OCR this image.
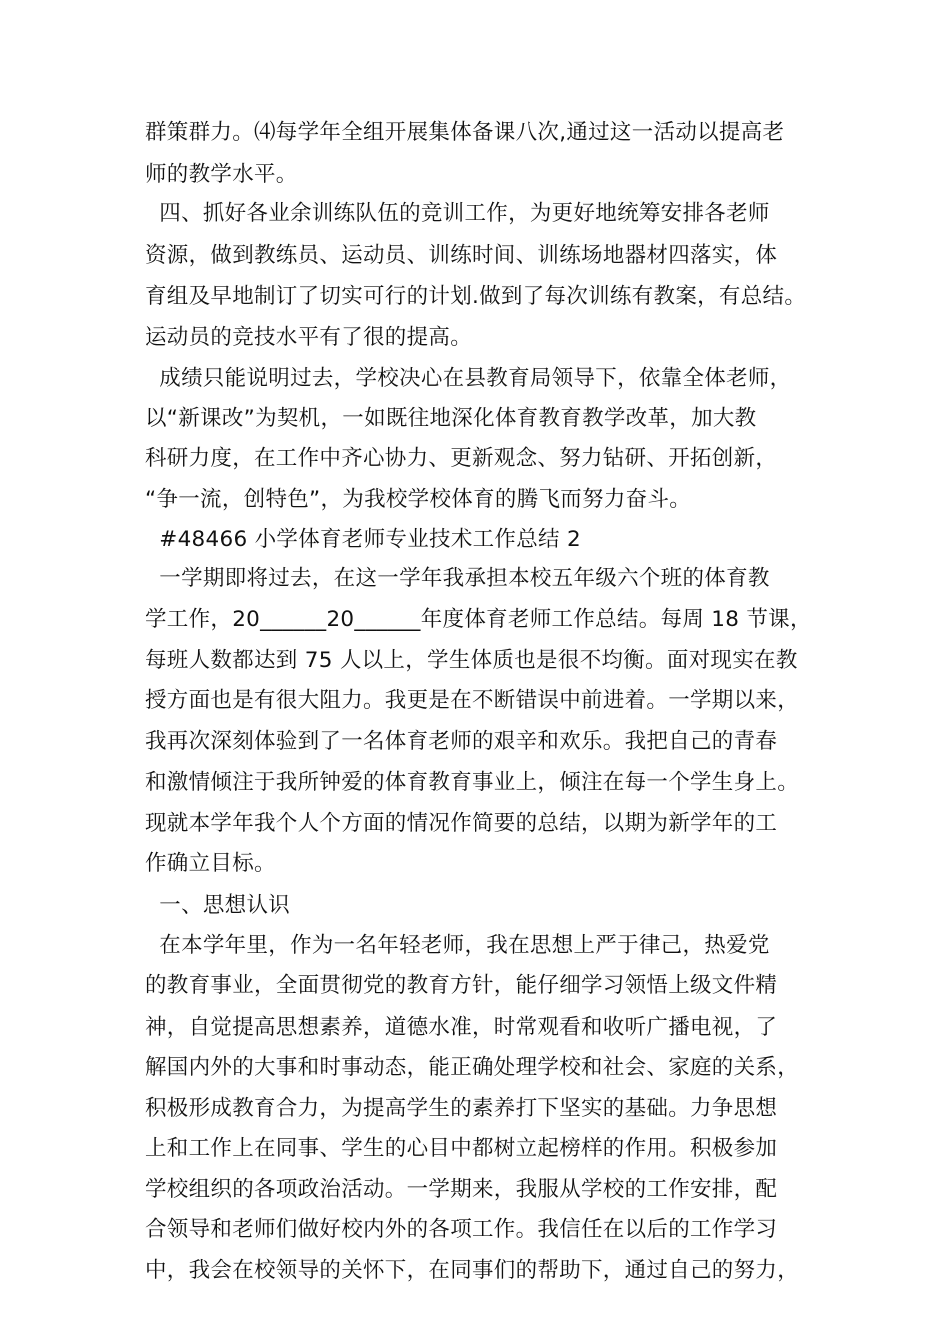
群策群力。⑷每学年全组开展集体备课八次,通过这一活动以提高老
师的教学水平。
四、抓好各业余训练队伍的竞训工作，为更好地统筹安排各老师
资源，做到教练员、运动员、训练时间、训练场地器材四落实，体
育组及早地制订了切实可行的计划.做到了每次训练有教案，有总结。
运动员的竞技水平有了很的提高。
成绩只能说明过去，学校决心在县教育局领导下，依靠全体老师，
以“新课改”为契机，一如既往地深化体育教育教学改革，加大教
科研力度，在工作中齐心协力、更新观念、努力钻研、开拓创新，
“争一流，创特色”，为我校学校体育的腾飞而努力奋斗。
#48466 小学体育老师专业技术工作总结 2
一学期即将过去，在这一学年我承担本校五年级六个班的体育教
学工作，20______20______年度体育老师工作总结。每周 18 节课，
每班人数都达到 75 人以上，学生体质也是很不均衡。面对现实在教
授方面也是有很大阻力。我更是在不断错误中前进着。一学期以来，
我再次深刻体验到了一名体育老师的艰辛和欢乐。我把自己的青春
和激情倾注于我所钟爱的体育教育事业上，倾注在每一个学生身上。
现就本学年我个人个方面的情况作简要的总结，以期为新学年的工
作确立目标。
一、思想认识
在本学年里，作为一名年轻老师，我在思想上严于律己，热爱党
的教育事业，全面贯彻党的教育方针，能仔细学习领悟上级文件精
神，自觉提高思想素养，道德水准，时常观看和收听广播电视，了
解国内外的大事和时事动态，能正确处理学校和社会、家庭的关系，
积极形成教育合力，为提高学生的素养打下坚实的基础。力争思想
上和工作上在同事、学生的心目中都树立起榜样的作用。积极参加
学校组织的各项政治活动。一学期来，我服从学校的工作安排，配
合领导和老师们做好校内外的各项工作。我信任在以后的工作学习
中，我会在校领导的关怀下，在同事们的帮助下，通过自己的努力，
